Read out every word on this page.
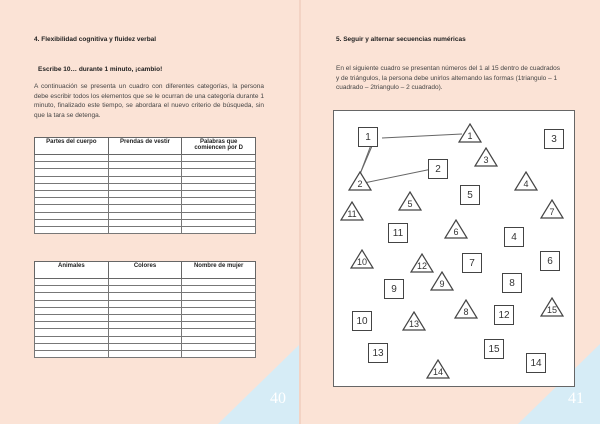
4. Flexibilidad cognitiva y fluidez verbal
Escribe 10… durante 1 minuto, ¡cambio!
A continuación se presenta un cuadro con diferentes categorías, la persona debe escribir todos los elementos que se le ocurran de una categoría durante 1 minuto, finalizado este tiempo, se abordara el nuevo criterio de búsqueda, sin que la tara se detenga.
Partes del cuerpo	Prendas de vestir	Palabras que comiencen por D

Animales	Colores	Nombre de mujer

40
5. Seguir y alternar secuencias numéricas
En el siguiente cuadro se presentan números del 1 al 15 dentro de cuadrados y de triángulos, la persona debe unirlos alternando las formas (1triangulo – 1 cuadrado – 2triangulo – 2 cuadrado).
1
2
3
4
5
6
7
8
9
10
11
12
13
14
15
1
2
3
4
5
6
7
8
9
10
11
12
13
14
15
41
